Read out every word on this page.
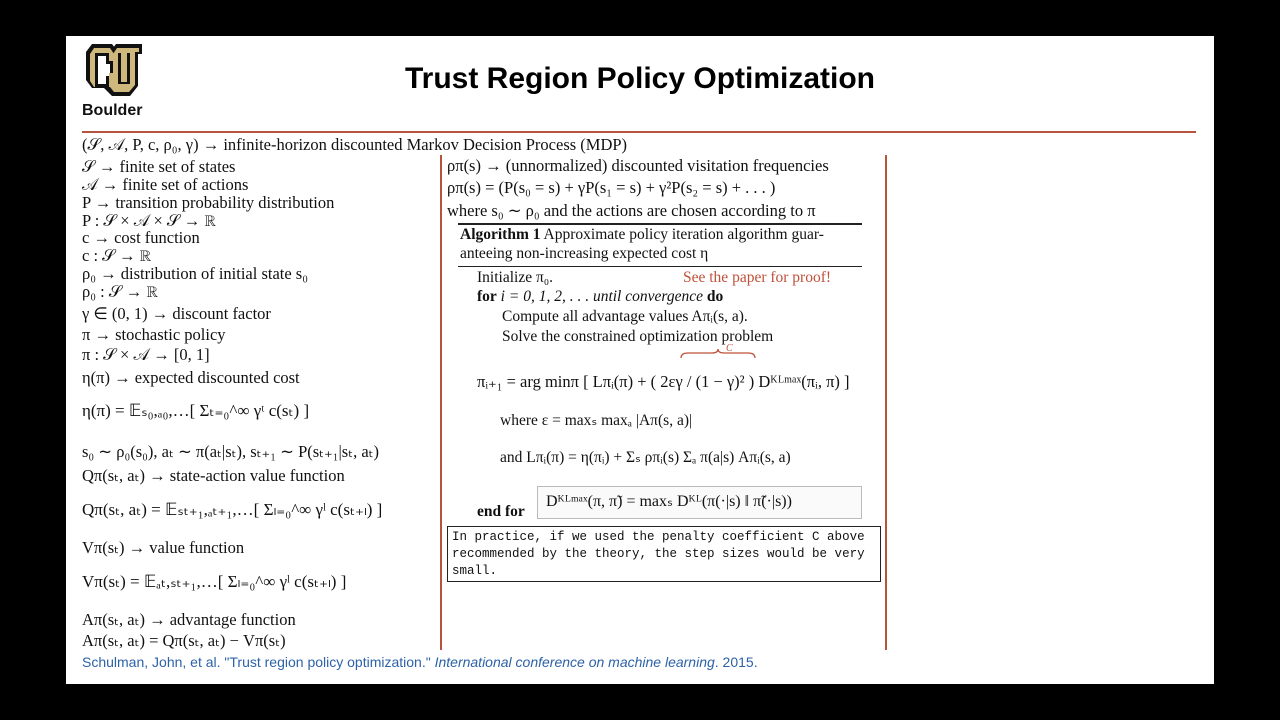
Boulder
Trust Region Policy Optimization
(𝒮, 𝒜, P, c, ρ₀, γ) → infinite-horizon discounted Markov Decision Process (MDP)
𝒮 → finite set of states
𝒜 → finite set of actions
P → transition probability distribution
P : 𝒮 × 𝒜 × 𝒮 → ℝ
c → cost function
c : 𝒮 → ℝ
ρ₀ → distribution of initial state s₀
ρ₀ : 𝒮 → ℝ
γ ∈ (0, 1) → discount factor
π → stochastic policy
π : 𝒮 × 𝒜 → [0, 1]
η(π) → expected discounted cost
η(π) = 𝔼ₛ₀,ₐ₀,…[ Σₜ₌₀^∞ γᵗ c(sₜ) ]
s₀ ∼ ρ₀(s₀), aₜ ∼ π(aₜ|sₜ), sₜ₊₁ ∼ P(sₜ₊₁|sₜ, aₜ)
Qπ(sₜ, aₜ) → state-action value function
Qπ(sₜ, aₜ) = 𝔼ₛₜ₊₁,ₐₜ₊₁,…[ Σₗ₌₀^∞ γˡ c(sₜ₊ₗ) ]
Vπ(sₜ) → value function
Vπ(sₜ) = 𝔼ₐₜ,ₛₜ₊₁,…[ Σₗ₌₀^∞ γˡ c(sₜ₊ₗ) ]
Aπ(sₜ, aₜ) → advantage function
Aπ(sₜ, aₜ) = Qπ(sₜ, aₜ) − Vπ(sₜ)
ρπ(s) → (unnormalized) discounted visitation frequencies
ρπ(s) = (P(s₀ = s) + γP(s₁ = s) + γ²P(s₂ = s) + . . . )
where s₀ ∼ ρ₀ and the actions are chosen according to π
Algorithm 1 Approximate policy iteration algorithm guar-
anteeing non-increasing expected cost η
Initialize π₀.	See the paper for proof!
for i = 0, 1, 2, . . . until convergence do
Compute all advantage values Aπᵢ(s, a).
Solve the constrained optimization problem
C
πᵢ₊₁ = arg minπ [ Lπᵢ(π) + ( 2εγ / (1 − γ)² ) Dᴷᴸᵐᵃˣ(πᵢ, π) ]
where ε = maxₛ maxₐ |Aπ(s, a)|
and Lπᵢ(π) = η(πᵢ) + Σₛ ρπᵢ(s) Σₐ π(a|s) Aπᵢ(s, a)
Dᴷᴸᵐᵃˣ(π, π̃) = maxₛ Dᴷᴸ(π(·|s) ‖ π̃(·|s))
end for
In practice, if we used the penalty coefficient C above
recommended by the theory, the step sizes would be very
small.
Schulman, John, et al. "Trust region policy optimization." International conference on machine learning. 2015.
